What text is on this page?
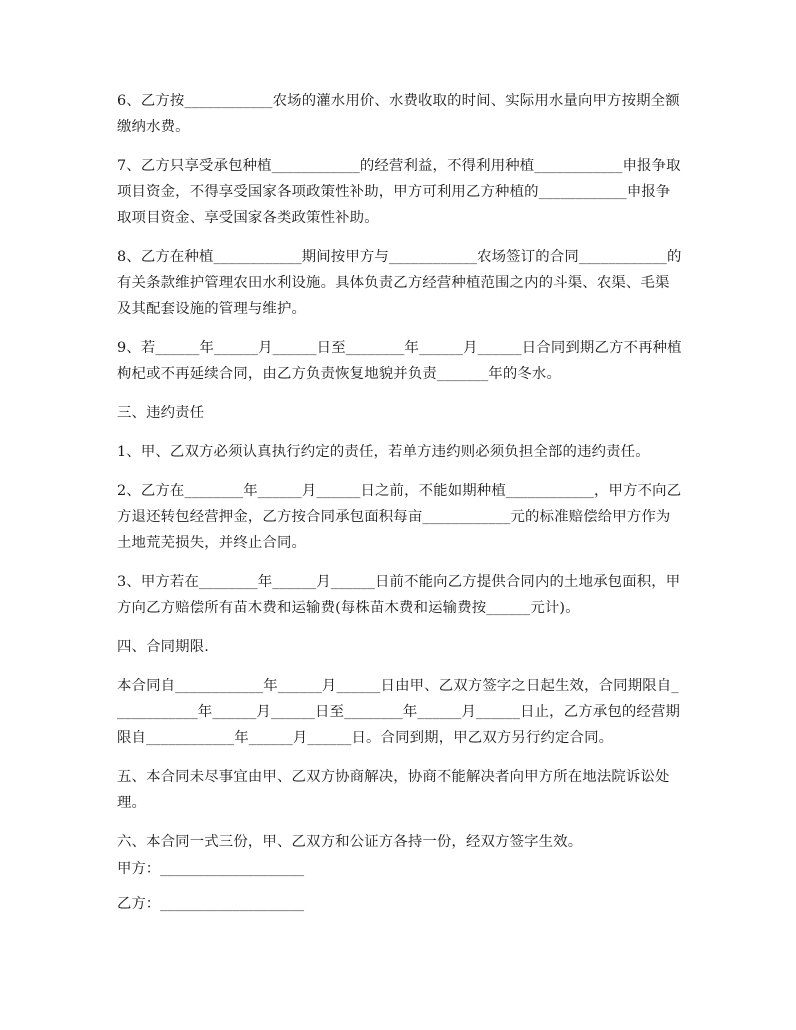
6、乙方按____________农场的灌水用价、水费收取的时间、实际用水量向甲方按期全额缴纳水费。

7、乙方只享受承包种植____________的经营利益，不得利用种植____________申报争取项目资金，不得享受国家各项政策性补助，甲方可利用乙方种植的____________申报争取项目资金、享受国家各类政策性补助。

8、乙方在种植____________期间按甲方与____________农场签订的合同____________的有关条款维护管理农田水利设施。具体负责乙方经营种植范围之内的斗渠、农渠、毛渠及其配套设施的管理与维护。

9、若______年______月______日至________年______月______日合同到期乙方不再种植枸杞或不再延续合同，由乙方负责恢复地貌并负责_______年的冬水。

三、违约责任

1、甲、乙双方必须认真执行约定的责任，若单方违约则必须负担全部的违约责任。

2、乙方在________年______月______日之前，不能如期种植____________，甲方不向乙方退还转包经营押金，乙方按合同承包面积每亩____________元的标准赔偿给甲方作为土地荒芜损失，并终止合同。

3、甲方若在________年______月______日前不能向乙方提供合同内的土地承包面积，甲方向乙方赔偿所有苗木费和运输费(每株苗木费和运输费按______元计)。

四、合同期限.

本合同自____________年______月______日由甲、乙双方签字之日起生效，合同期限自____________年______月______日至________年______月______日止，乙方承包的经营期限自____________年______月______日。合同到期，甲乙双方另行约定合同。

五、本合同未尽事宜由甲、乙双方协商解决，协商不能解决者向甲方所在地法院诉讼处理。

六、本合同一式三份，甲、乙双方和公证方各持一份，经双方签字生效。

甲方：____________________
乙方：____________________
